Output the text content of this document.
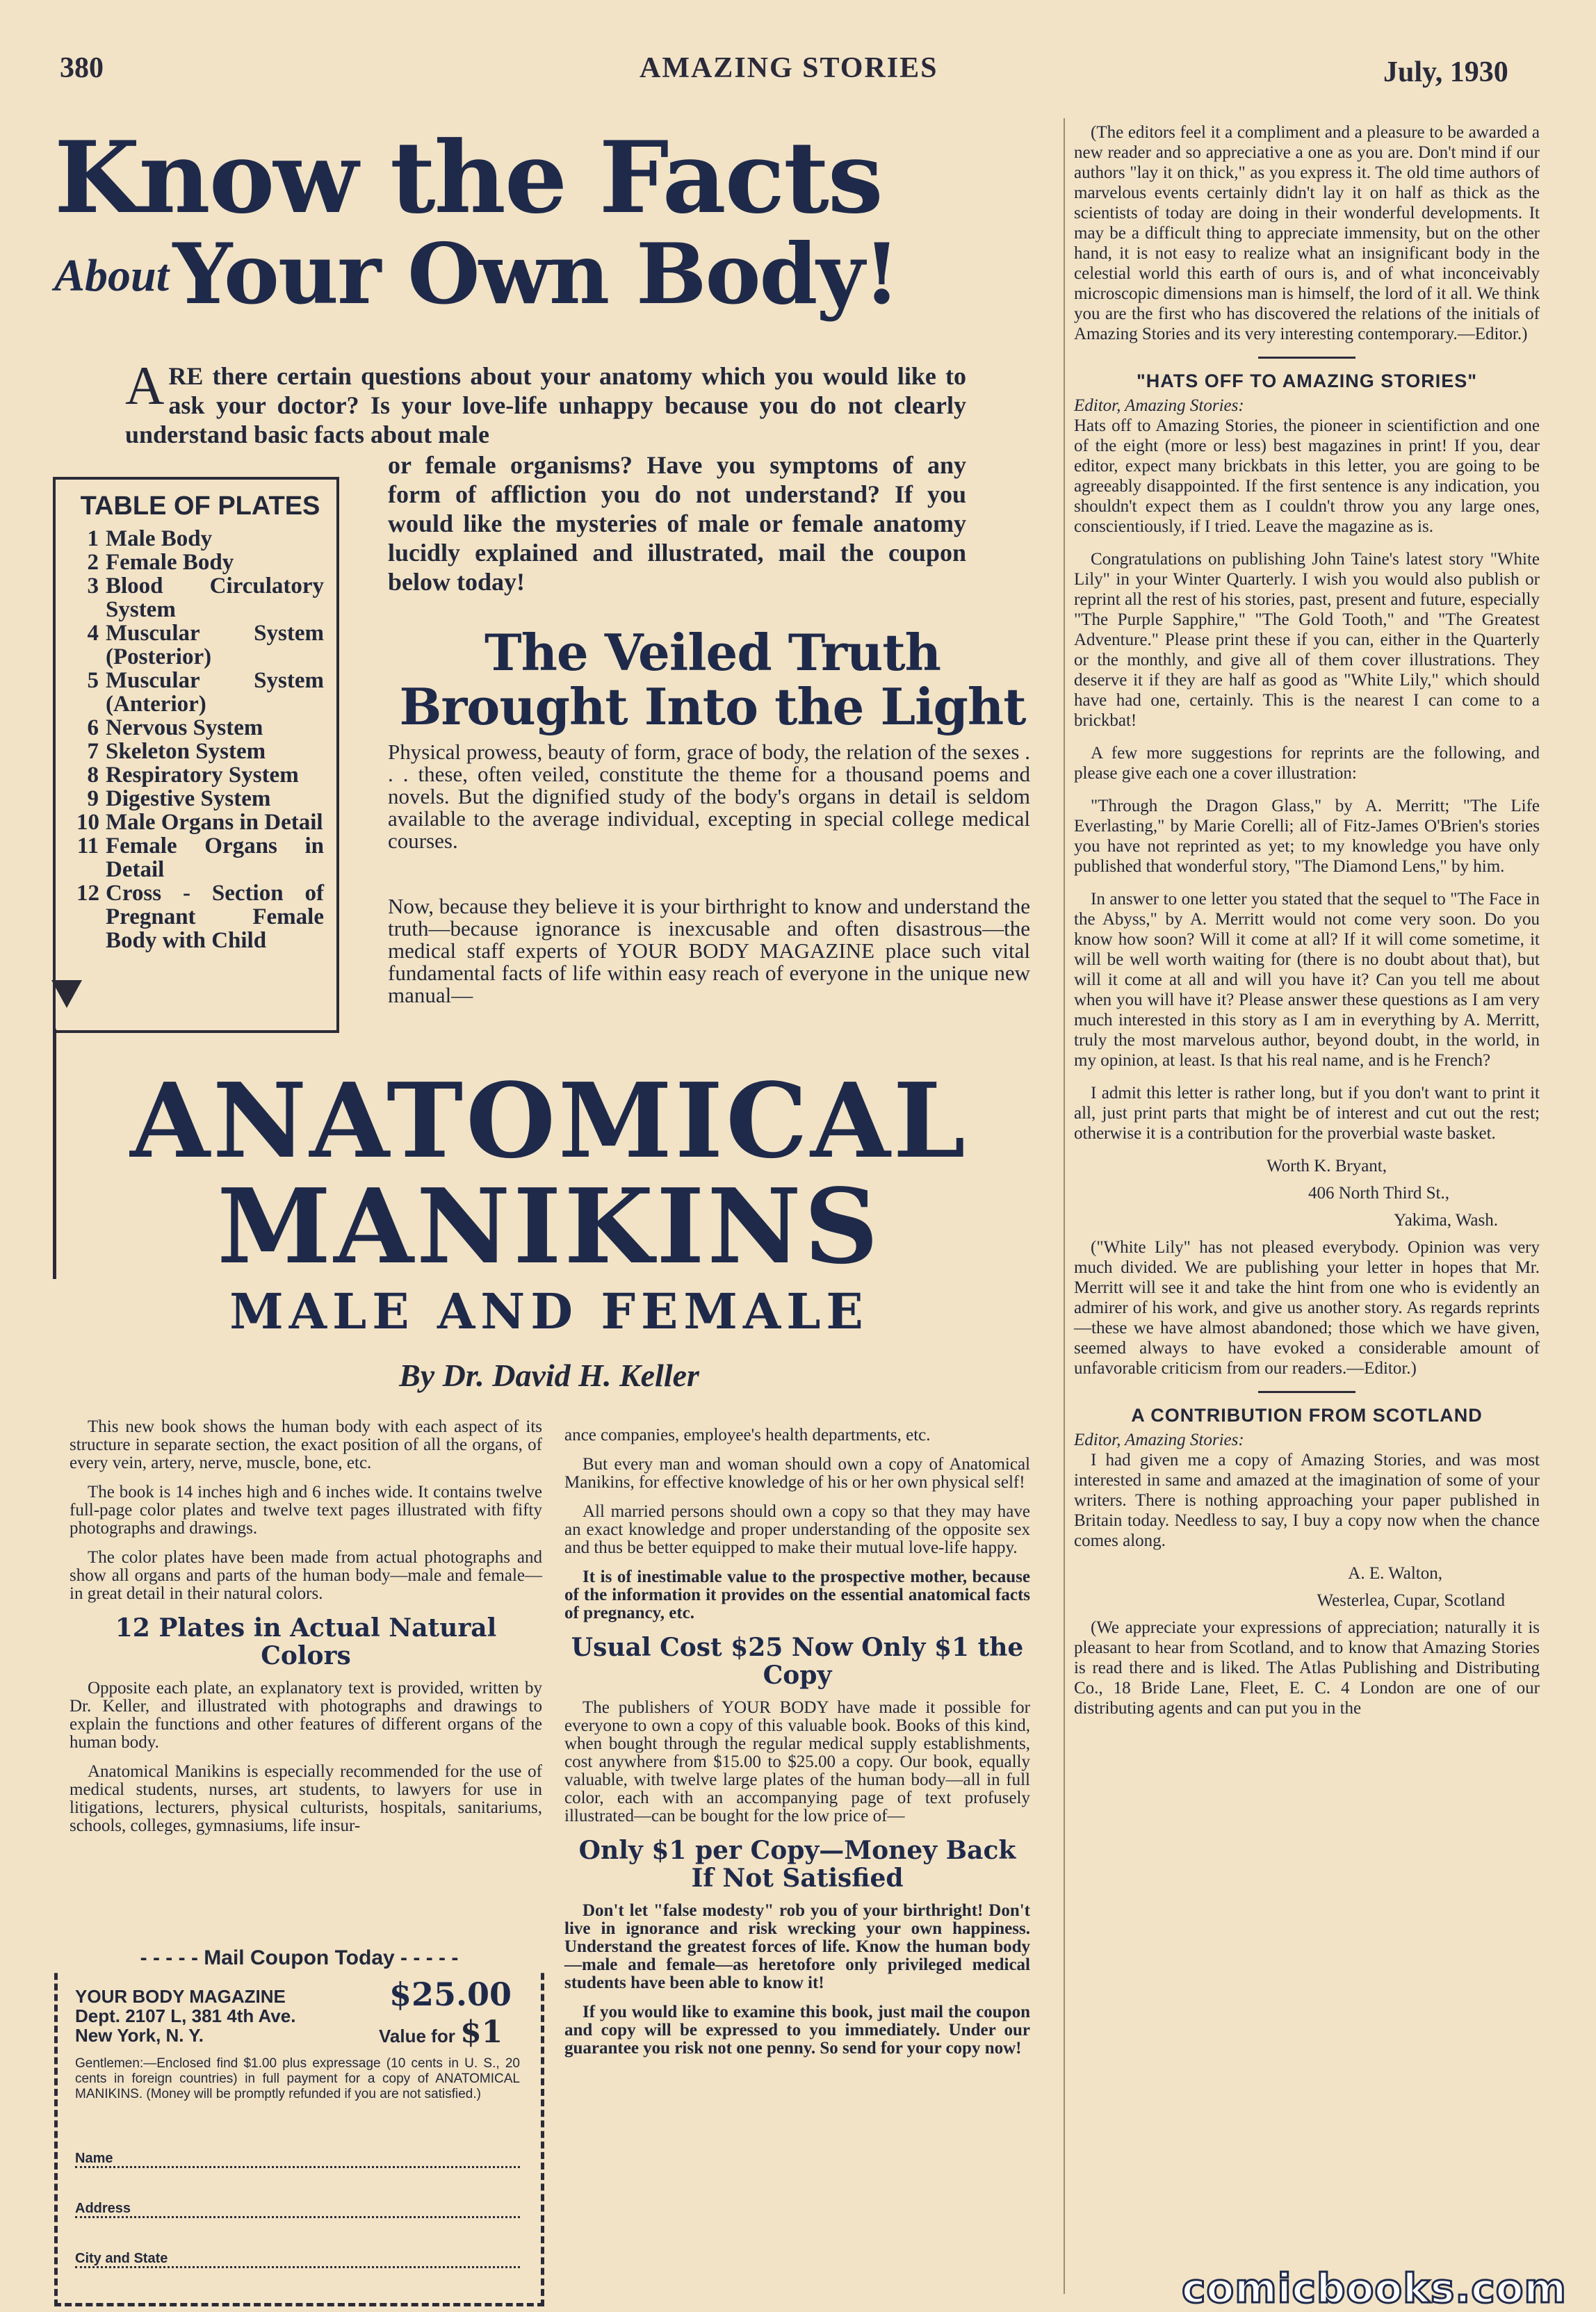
380	AMAZING STORIES	July, 1930
Know the Facts
About Your Own Body!
ARE there certain questions about your anatomy which you would like to ask your doctor? Is your love-life unhappy because you do not clearly understand basic facts about male
or female organisms? Have you symptoms of any form of affliction you do not understand? If you would like the mysteries of male or female anatomy lucidly explained and illustrated, mail the coupon below today!
TABLE OF PLATES
1 Male Body
2 Female Body
3 Blood Circulatory System
4 Muscular System (Posterior)
5 Muscular System (Anterior)
6 Nervous System
7 Skeleton System
8 Respiratory System
9 Digestive System
10 Male Organs in Detail
11 Female Organs in Detail
12 Cross - Section of Pregnant Female Body with Child
The Veiled Truth Brought Into the Light
Physical prowess, beauty of form, grace of body, the relation of the sexes . . . these, often veiled, constitute the theme for a thousand poems and novels. But the dignified study of the body's organs in detail is seldom available to the average individual, excepting in special college medical courses.
Now, because they believe it is your birthright to know and understand the truth—because ignorance is inexcusable and often disastrous—the medical staff experts of YOUR BODY MAGAZINE place such vital fundamental facts of life within easy reach of everyone in the unique new manual—
ANATOMICAL
MANIKINS
MALE AND FEMALE
By Dr. David H. Keller

This new book shows the human body with each aspect of its structure in separate section, the exact position of all the organs, of every vein, artery, nerve, muscle, bone, etc.

The book is 14 inches high and 6 inches wide. It contains twelve full-page color plates and twelve text pages illustrated with fifty photographs and drawings.

The color plates have been made from actual photographs and show all organs and parts of the human body—male and female—in great detail in their natural colors.

12 Plates in Actual Natural Colors

Opposite each plate, an explanatory text is provided, written by Dr. Keller, and illustrated with photographs and drawings to explain the functions and other features of different organs of the human body.

Anatomical Manikins is especially recommended for the use of medical students, nurses, art students, to lawyers for use in litigations, lecturers, physical culturists, hospitals, sanitariums, schools, colleges, gymnasiums, life insur-

ance companies, employee's health departments, etc.

But every man and woman should own a copy of Anatomical Manikins, for effective knowledge of his or her own physical self!

All married persons should own a copy so that they may have an exact knowledge and proper understanding of the opposite sex and thus be better equipped to make their mutual love-life happy.

It is of inestimable value to the prospective mother, because of the information it provides on the essential anatomical facts of pregnancy, etc.

Usual Cost $25 Now Only $1 the Copy

The publishers of YOUR BODY have made it possible for everyone to own a copy of this valuable book. Books of this kind, when bought through the regular medical supply establishments, cost anywhere from $15.00 to $25.00 a copy. Our book, equally valuable, with twelve large plates of the human body—all in full color, each with an accompanying page of text profusely illustrated—can be bought for the low price of—

Only $1 per Copy—Money Back If Not Satisfied

Don't let "false modesty" rob you of your birthright! Don't live in ignorance and risk wrecking your own happiness. Understand the greatest forces of life. Know the human body—male and female—as heretofore only privileged medical students have been able to know it!

If you would like to examine this book, just mail the coupon and copy will be expressed to you immediately. Under our guarantee you risk not one penny. So send for your copy now!

- - - - - Mail Coupon Today - - - - -
YOUR BODY MAGAZINE
Dept. 2107 L, 381 4th Ave.
New York, N. Y.
$25.00
Value for $1
Gentlemen:—Enclosed find $1.00 plus expressage (10 cents in U. S., 20 cents in foreign countries) in full payment for a copy of ANATOMICAL MANIKINS. (Money will be promptly refunded if you are not satisfied.)
Name
Address
City and State

(The editors feel it a compliment and a pleasure to be awarded a new reader and so appreciative a one as you are. Don't mind if our authors "lay it on thick," as you express it. The old time authors of marvelous events certainly didn't lay it on half as thick as the scientists of today are doing in their wonderful developments. It may be a difficult thing to appreciate immensity, but on the other hand, it is not easy to realize what an insignificant body in the celestial world this earth of ours is, and of what inconceivably microscopic dimensions man is himself, the lord of it all. We think you are the first who has discovered the relations of the initials of Amazing Stories and its very interesting contemporary.—Editor.)

"HATS OFF TO AMAZING STORIES"
Editor, Amazing Stories:

Hats off to Amazing Stories, the pioneer in scientifiction and one of the eight (more or less) best magazines in print! If you, dear editor, expect many brickbats in this letter, you are going to be agreeably disappointed. If the first sentence is any indication, you shouldn't expect them as I couldn't throw you any large ones, conscientiously, if I tried. Leave the magazine as is.

Congratulations on publishing John Taine's latest story "White Lily" in your Winter Quarterly. I wish you would also publish or reprint all the rest of his stories, past, present and future, especially "The Purple Sapphire," "The Gold Tooth," and "The Greatest Adventure." Please print these if you can, either in the Quarterly or the monthly, and give all of them cover illustrations. They deserve it if they are half as good as "White Lily," which should have had one, certainly. This is the nearest I can come to a brickbat!

A few more suggestions for reprints are the following, and please give each one a cover illustration:

"Through the Dragon Glass," by A. Merritt; "The Life Everlasting," by Marie Corelli; all of Fitz-James O'Brien's stories you have not reprinted as yet; to my knowledge you have only published that wonderful story, "The Diamond Lens," by him.

In answer to one letter you stated that the sequel to "The Face in the Abyss," by A. Merritt would not come very soon. Do you know how soon? Will it come at all? If it will come sometime, it will be well worth waiting for (there is no doubt about that), but will it come at all and will you have it? Can you tell me about when you will have it? Please answer these questions as I am very much interested in this story as I am in everything by A. Merritt, truly the most marvelous author, beyond doubt, in the world, in my opinion, at least. Is that his real name, and is he French?

I admit this letter is rather long, but if you don't want to print it all, just print parts that might be of interest and cut out the rest; otherwise it is a contribution for the proverbial waste basket.

Worth K. Bryant,
406 North Third St.,
Yakima, Wash.

("White Lily" has not pleased everybody. Opinion was very much divided. We are publishing your letter in hopes that Mr. Merritt will see it and take the hint from one who is evidently an admirer of his work, and give us another story. As regards reprints—these we have almost abandoned; those which we have given, seemed always to have evoked a considerable amount of unfavorable criticism from our readers.—Editor.)

A CONTRIBUTION FROM SCOTLAND
Editor, Amazing Stories:

I had given me a copy of Amazing Stories, and was most interested in same and amazed at the imagination of some of your writers. There is nothing approaching your paper published in Britain today. Needless to say, I buy a copy now when the chance comes along.

A. E. Walton,
Westerlea, Cupar, Scotland

(We appreciate your expressions of appreciation; naturally it is pleasant to hear from Scotland, and to know that Amazing Stories is read there and is liked. The Atlas Publishing and Distributing Co., 18 Bride Lane, Fleet, E. C. 4 London are one of our distributing agents and can put you in the

comicbooks.com
